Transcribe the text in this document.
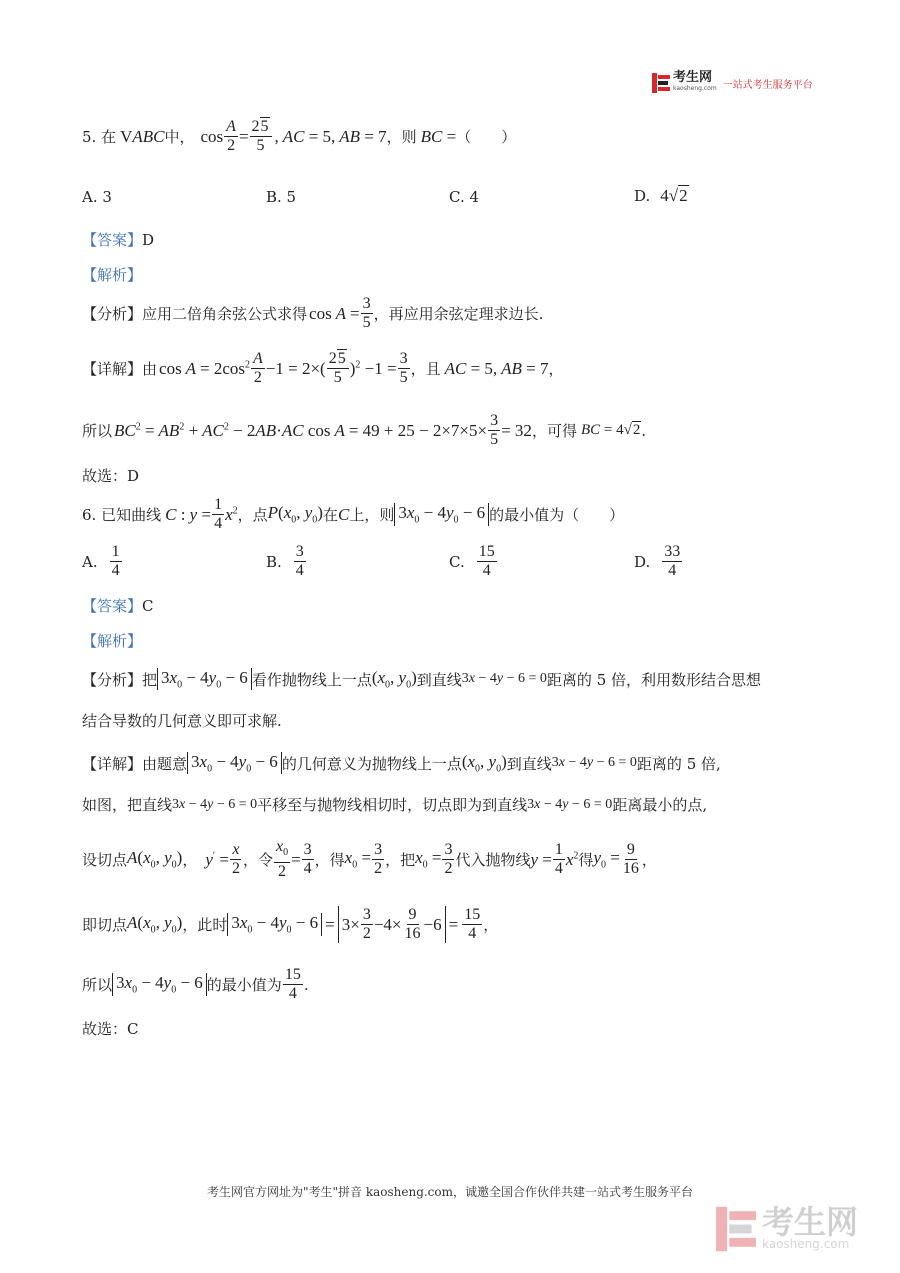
考生网
kaosheng.com 一站式考生服务平台
5. 在 VABC 中， $\cos \frac{A}{2} = \frac{25}{5}$ , AC = 5, AB = 7 ，则 BC = （　　）
A. 3	B. 5	C. 4	D. 4√2
【答案】D
【解析】
【分析】 应用二倍角余弦公式求得 $\cos A = \frac{3}{5}$ ，再应用余弦定理求边长.
【详解】 由 $\cos A = 2\cos^2 \frac{A}{2} -1 = 2\times( \frac{25}{5} )^2 -1 = \frac{3}{5}$ ，且 AC = 5, AB = 7 ，
所以 $BC^2 = AB^2 + AC^2 - 2AB\cdot AC$ $\cos A = 49 + 25 - 2\times 7\times 5\times \frac{3}{5} = 32$ ，可得 BC = 4√2 .
故选：D
6. 已知曲线 C : $y = \frac{1}{4} x^2$ ，点 $P(x_0$, $y_0$) 在 C 上，则 $3x_0 - 4y_0 - 6$ 的最小值为（　　）
A. $\frac{1}{4}$	B. $\frac{3}{4}$	C. $\frac{15}{4}$	D. $\frac{33}{4}$
【答案】C
【解析】
【分析】 把 $3x_0 - 4y_0 - 6$ 看作抛物线上一点 ($x_0$, $y_0$) 到直线 3x − 4y − 6 = 0 距离的 5 倍，利用数形结合思想
结合导数的几何意义即可求解.
【详解】 由题意 $3x_0 - 4y_0 - 6$ 的几何意义为抛物线上一点 ($x_0$, $y_0$) 到直线 3x − 4y − 6 = 0 距离的 5 倍,
如图，把直线 3x − 4y − 6 = 0 平移至与抛物线相切时，切点即为到直线 3x − 4y − 6 = 0 距离最小的点,
设切点 $A(x_0$, $y_0$) ， $y' = \frac{x}{2}$ ，令 $\frac{x_0}{2} = \frac{3}{4}$ ，得 $x_0 = \frac{3}{2}$ ，把 $x_0 = \frac{3}{2}$ 代入抛物线 $y = \frac{1}{4} x^2$ 得 $y_0 = \frac{9}{16}$ ，
即切点 $A(x_0$, $y_0$) ，此时 $3x_0 - 4y_0 - 6 = 3\times \frac{3}{2} -4\times \frac{9}{16} -6 = \frac{15}{4}$ ，
所以 $3x_0 - 4y_0 - 6$ 的最小值为 $\frac{15}{4}$ .
故选：C
考生网官方网址为"考生"拼音 kaosheng.com，诚邀全国合作伙伴共建一站式考生服务平台
考生网
kaosheng.com
